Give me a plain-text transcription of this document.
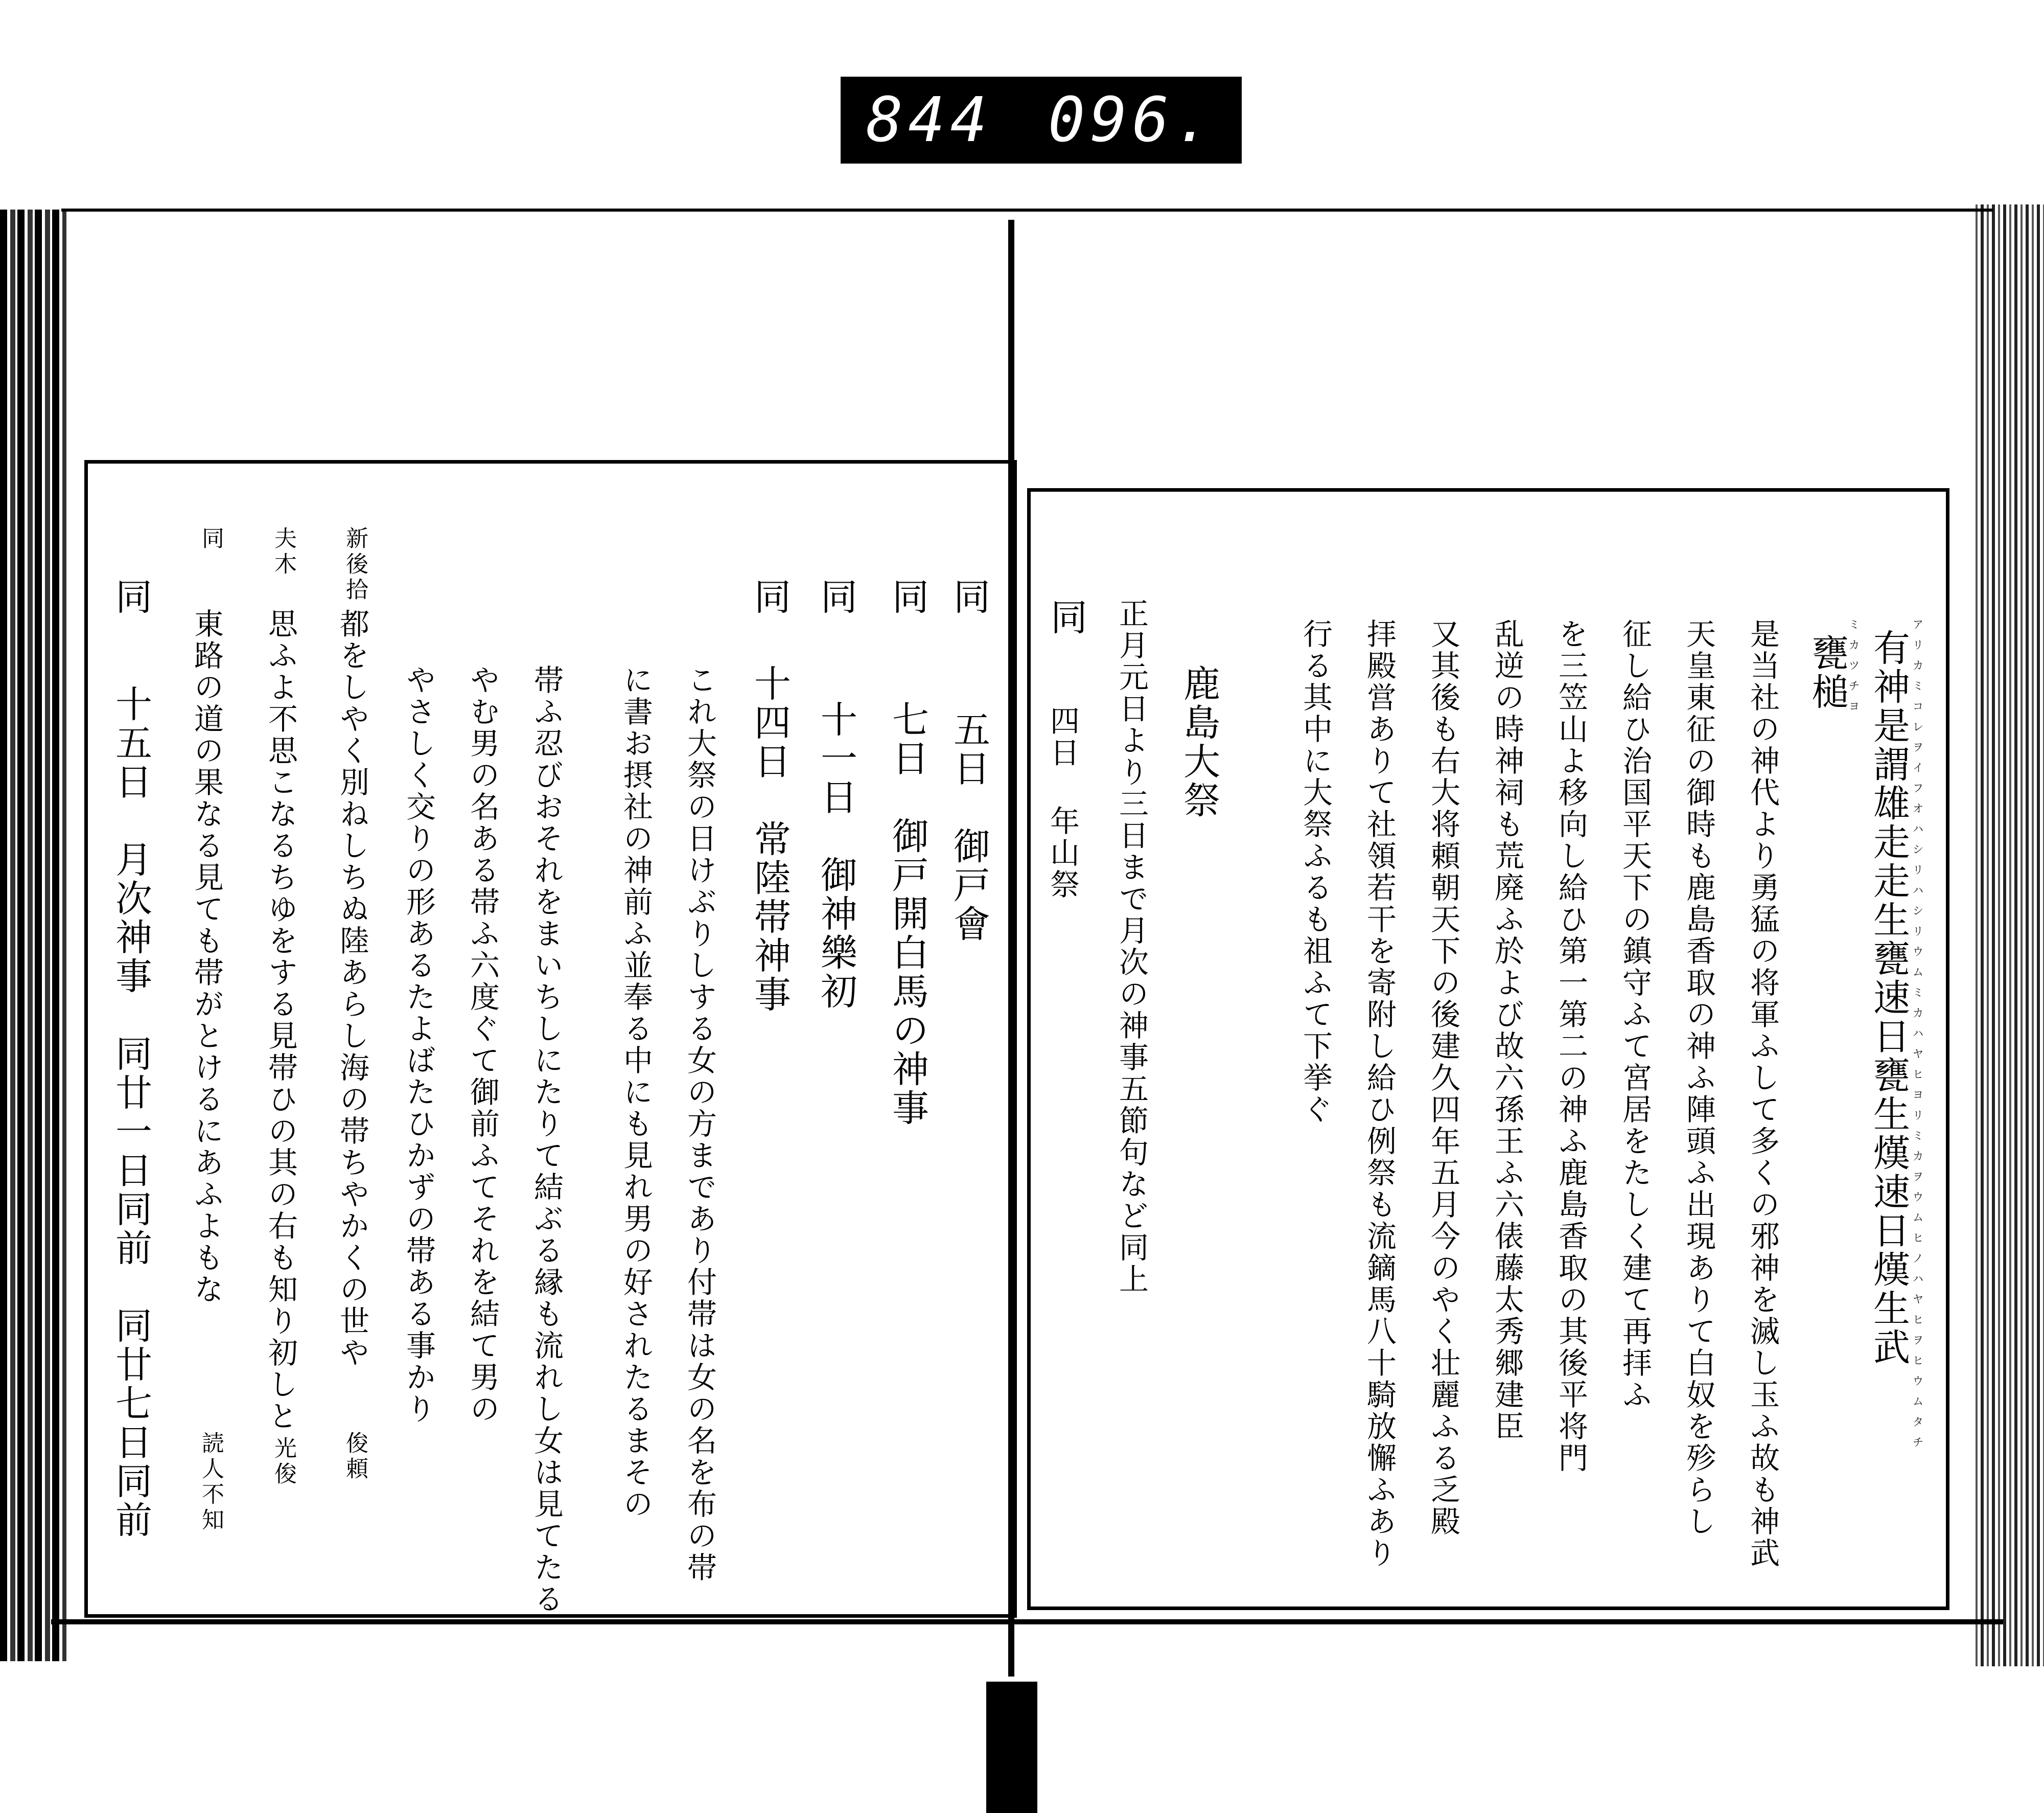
844 096.
同
五日　御戸會
同
七日　御戸開白馬の神事
同
十一日　御神樂初
同
十四日　常陸帯神事
これ大祭の日けぶりしする女の方まであり付帯は女の名を布の帯
に書お摂社の神前ふ並奉る中にも見れ男の好されたるまその
帯ふ忍びおそれをまいちしにたりて結ぶる縁も流れし女は見てたる
やむ男の名ある帯ふ六度ぐて御前ふてそれを結て男の
やさしく交りの形あるたよばたひかずの帯ある事かり
新後拾
都をしやく別ねしちぬ陸あらし海の帯ちやかくの世や
俊頼
夫木
思ふよ不思こなるちゆをする見帯ひの其の右も知り初しと
光俊
同
東路の道の果なる見ても帯がとけるにあふよもな
読人不知
同
十五日　月次神事　同廿一日同前　同廿七日同前	アリカミコレヲイフオハシリハシリウムミカハヤヒヨリミカヲウムヒノハヤヒヲヒウムタチ
有神是謂雄走走生甕速日甕生熯速日熯生武
ミカツチヨ
甕槌
是当社の神代より勇猛の将軍ふして多くの邪神を滅し玉ふ故も神武
天皇東征の御時も鹿島香取の神ふ陣頭ふ出現ありて白奴を殄らし
征し給ひ治国平天下の鎮守ふて宮居をたしく建て再拝ふ
を三笠山よ移向し給ひ第一第二の神ふ鹿島香取の其後平将門
乱逆の時神祠も荒廃ふ於よび故六孫王ふ六俵藤太秀郷建臣
又其後も右大将頼朝天下の後建久四年五月今のやく壮麗ふる乏殿
拝殿営ありて社領若干を寄附し給ひ例祭も流鏑馬八十騎放懈ふあり
行る其中に大祭ふるも祖ふて下挙ぐ
鹿島大祭
正月元日より三日まで月次の神事五節句など同上
同
四日 年山祭
